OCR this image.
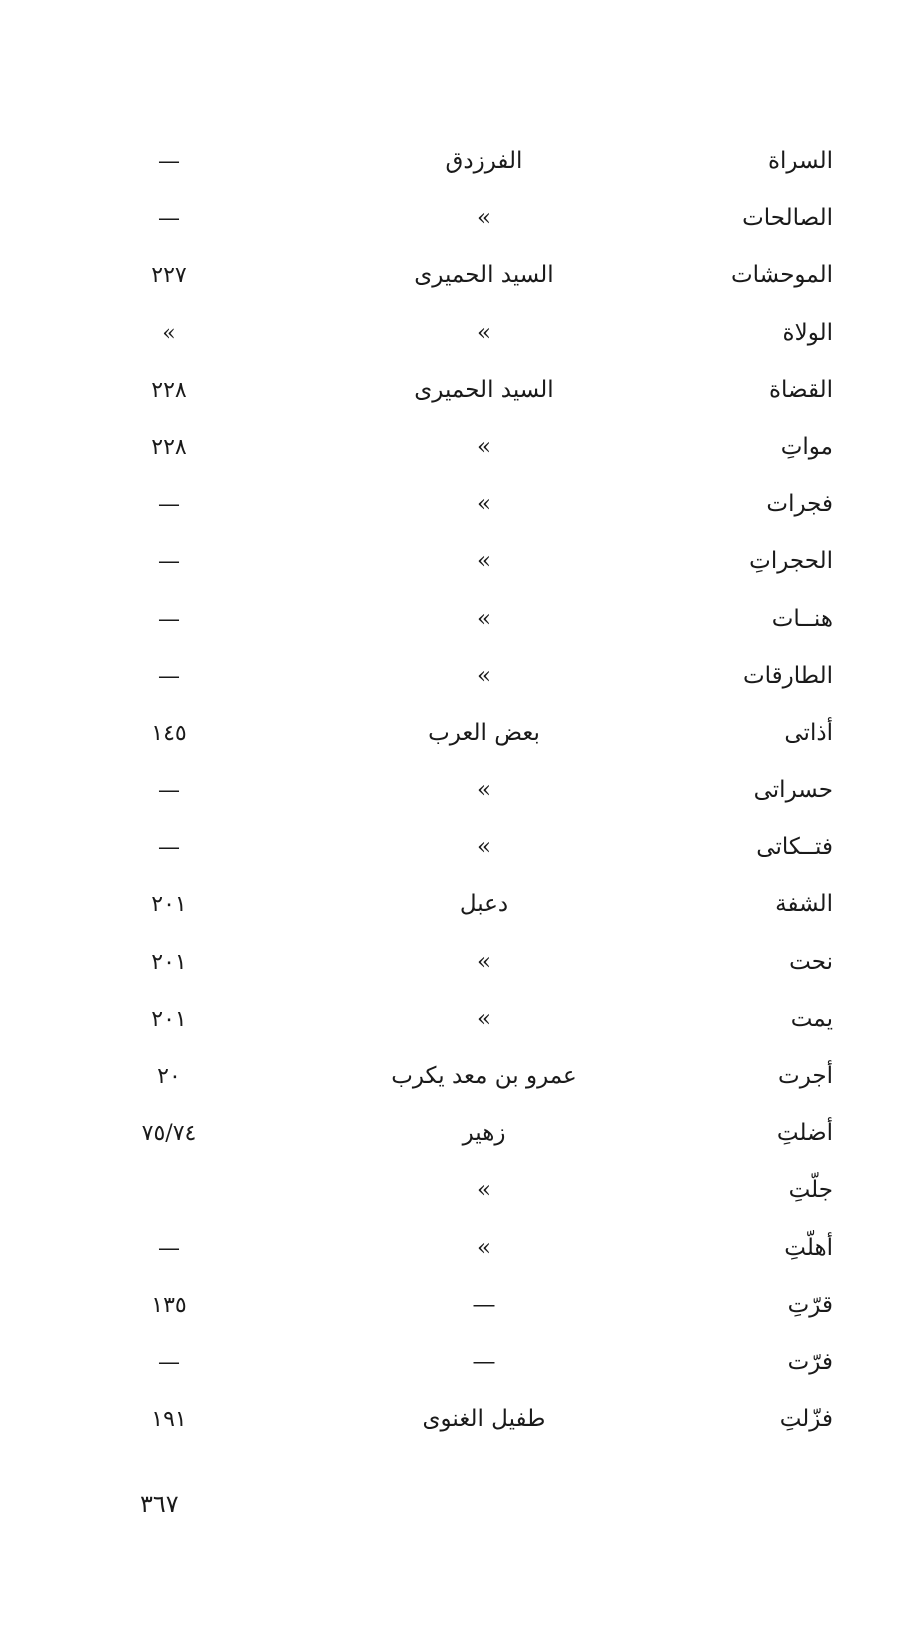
السراة
الفرزدق
—
الصالحات
»
—
الموحشات
السيد الحميرى
٢٢٧
الولاة
»
»
القضاة
السيد الحميرى
٢٢٨
مواتِ
»
٢٢٨
فجرات
»
—
الحجراتِ
»
—
هنــات
»
—
الطارقات
»
—
أذاتى
بعض العرب
١٤٥
حسراتى
»
—
فتــكاتى
»
—
الشفة
دعبل
٢٠١
نحت
»
٢٠١
يمت
»
٢٠١
أجرت
عمرو بن معد يكرب
٢٠
أضلتِ
زهير
٧٥/٧٤
جلّتِ
»
أهلّتِ
»
—
قرّتِ
—
١٣٥
فرّت
—
—
فزّلتِ
طفيل الغنوى
١٩١
٣٦٧
